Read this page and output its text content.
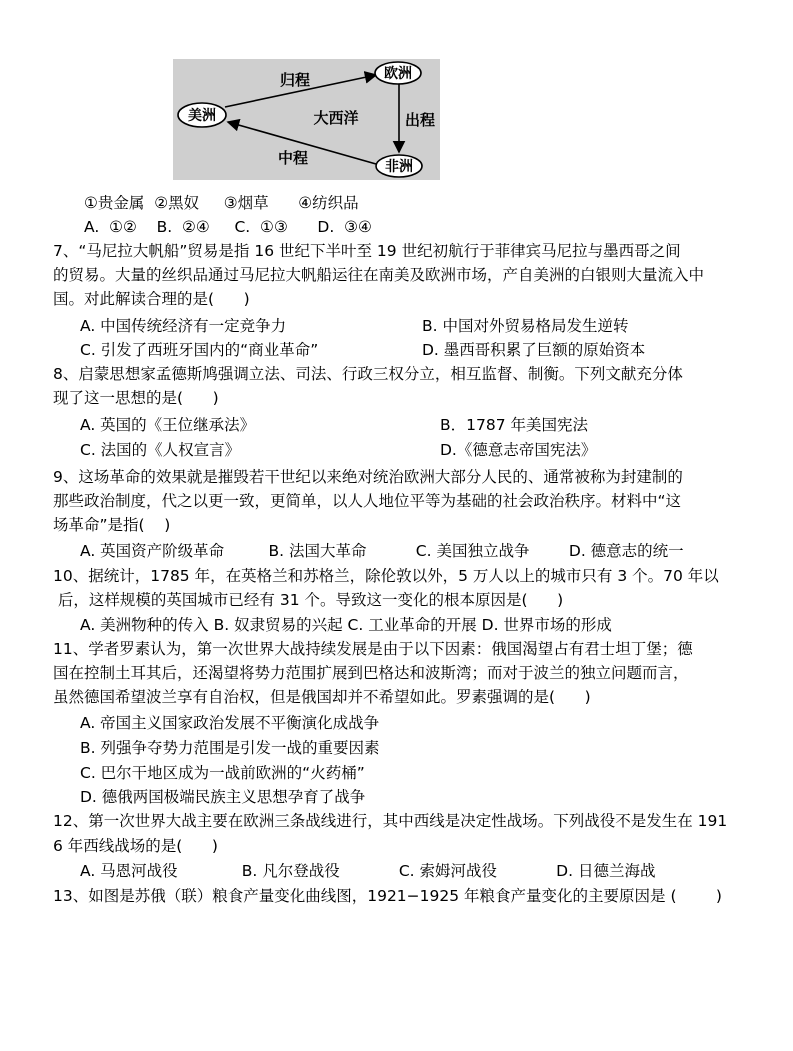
美洲
欧洲
非洲
归程
出程
中程
大西洋
①贵金属  ②黑奴     ③烟草      ④纺织品
A.  ①②    B.  ②④     C.  ①③      D.  ③④
7、“马尼拉大帆船”贸易是指 16 世纪下半叶至 19 世纪初航行于菲律宾马尼拉与墨西哥之间
的贸易。大量的丝织品通过马尼拉大帆船运往在南美及欧洲市场，产自美洲的白银则大量流入中
国。对此解读合理的是(      )
A. 中国传统经济有一定竞争力	B. 中国对外贸易格局发生逆转
C. 引发了西班牙国内的“商业革命”	D. 墨西哥积累了巨额的原始资本
8、启蒙思想家孟德斯鸠强调立法、司法、行政三权分立，相互监督、制衡。下列文献充分体
现了这一思想的是(      )
A. 英国的《王位继承法》	B．1787 年美国宪法
C. 法国的《人权宣言》	D.《德意志帝国宪法》
9、这场革命的效果就是摧毁若干世纪以来绝对统治欧洲大部分人民的、通常被称为封建制的
那些政治制度，代之以更一致，更简单，以人人地位平等为基础的社会政治秩序。材料中“这
场革命”是指(    )
A. 英国资产阶级革命         B. 法国大革命          C. 美国独立战争        D. 德意志的统一
10、据统计，1785 年，在英格兰和苏格兰，除伦敦以外，5 万人以上的城市只有 3 个。70 年以
后，这样规模的英国城市已经有 31 个。导致这一变化的根本原因是(      )
A. 美洲物种的传入 B. 奴隶贸易的兴起 C. 工业革命的开展 D. 世界市场的形成
11、学者罗素认为，第一次世界大战持续发展是由于以下因素：俄国渴望占有君士坦丁堡；德
国在控制土耳其后，还渴望将势力范围扩展到巴格达和波斯湾；而对于波兰的独立问题而言，
虽然德国希望波兰享有自治权，但是俄国却并不希望如此。罗素强调的是(      )
A. 帝国主义国家政治发展不平衡演化成战争
B. 列强争夺势力范围是引发一战的重要因素
C. 巴尔干地区成为一战前欧洲的“火药桶”
D. 德俄两国极端民族主义思想孕育了战争
12、第一次世界大战主要在欧洲三条战线进行，其中西线是决定性战场。下列战役不是发生在 191
6 年西线战场的是(      )
A. 马恩河战役             B. 凡尔登战役            C. 索姆河战役            D. 日德兰海战
13、如图是苏俄（联）粮食产量变化曲线图，1921−1925 年粮食产量变化的主要原因是 (        )
